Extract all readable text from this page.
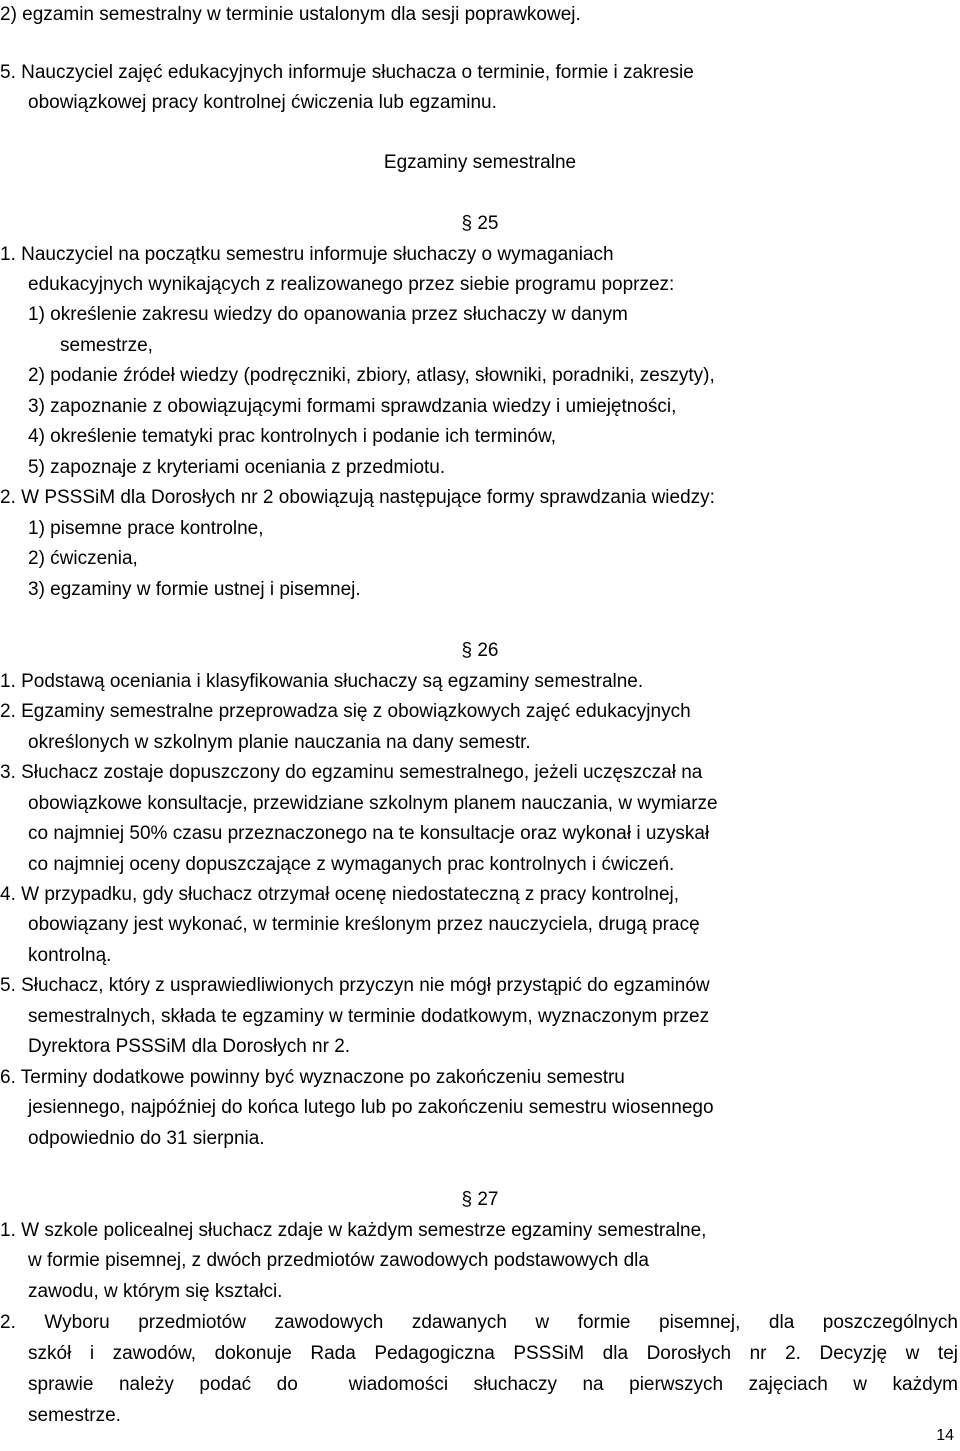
2) egzamin semestralny w terminie ustalonym dla sesji poprawkowej.
5. Nauczyciel zajęć edukacyjnych informuje słuchacza o terminie, formie i zakresie
obowiązkowej pracy kontrolnej ćwiczenia lub egzaminu.
Egzaminy semestralne
§ 25
1. Nauczyciel na początku semestru informuje słuchaczy o wymaganiach
edukacyjnych wynikających z realizowanego przez siebie programu poprzez:
1) określenie zakresu wiedzy do opanowania przez słuchaczy w danym
semestrze,
2) podanie źródeł wiedzy (podręczniki, zbiory, atlasy, słowniki, poradniki, zeszyty),
3) zapoznanie z obowiązującymi formami sprawdzania wiedzy i umiejętności,
4) określenie tematyki prac kontrolnych i podanie ich terminów,
5) zapoznaje z kryteriami oceniania z przedmiotu.
2. W PSSSiM dla Dorosłych nr 2 obowiązują następujące formy sprawdzania wiedzy:
1) pisemne prace kontrolne,
2) ćwiczenia,
3) egzaminy w formie ustnej i pisemnej.
§ 26
1. Podstawą oceniania i klasyfikowania słuchaczy są egzaminy semestralne.
2. Egzaminy semestralne przeprowadza się z obowiązkowych zajęć edukacyjnych
określonych w szkolnym planie nauczania na dany semestr.
3. Słuchacz zostaje dopuszczony do egzaminu semestralnego, jeżeli uczęszczał na
obowiązkowe konsultacje, przewidziane szkolnym planem nauczania, w wymiarze
co najmniej 50% czasu przeznaczonego na te konsultacje oraz wykonał i uzyskał
co najmniej oceny dopuszczające z wymaganych prac kontrolnych i ćwiczeń.
4. W przypadku, gdy słuchacz otrzymał ocenę niedostateczną z pracy kontrolnej,
obowiązany jest wykonać, w terminie kreślonym przez nauczyciela, drugą pracę
kontrolną.
5. Słuchacz, który z usprawiedliwionych przyczyn nie mógł przystąpić do egzaminów
semestralnych, składa te egzaminy w terminie dodatkowym, wyznaczonym przez
Dyrektora PSSSiM dla Dorosłych nr 2.
6. Terminy dodatkowe powinny być wyznaczone po zakończeniu semestru
jesiennego, najpóźniej do końca lutego lub po zakończeniu semestru wiosennego
odpowiednio do 31 sierpnia.
§ 27
1. W szkole policealnej słuchacz zdaje w każdym semestrze egzaminy semestralne,
w formie pisemnej, z dwóch przedmiotów zawodowych podstawowych dla
zawodu, w którym się kształci.
2. Wyboru przedmiotów zawodowych zdawanych w formie pisemnej, dla poszczególnych
szkół i zawodów, dokonuje Rada Pedagogiczna PSSSiM dla Dorosłych nr 2. Decyzję w tej
sprawie należy podać do  wiadomości słuchaczy na pierwszych zajęciach w każdym
semestrze.
14
